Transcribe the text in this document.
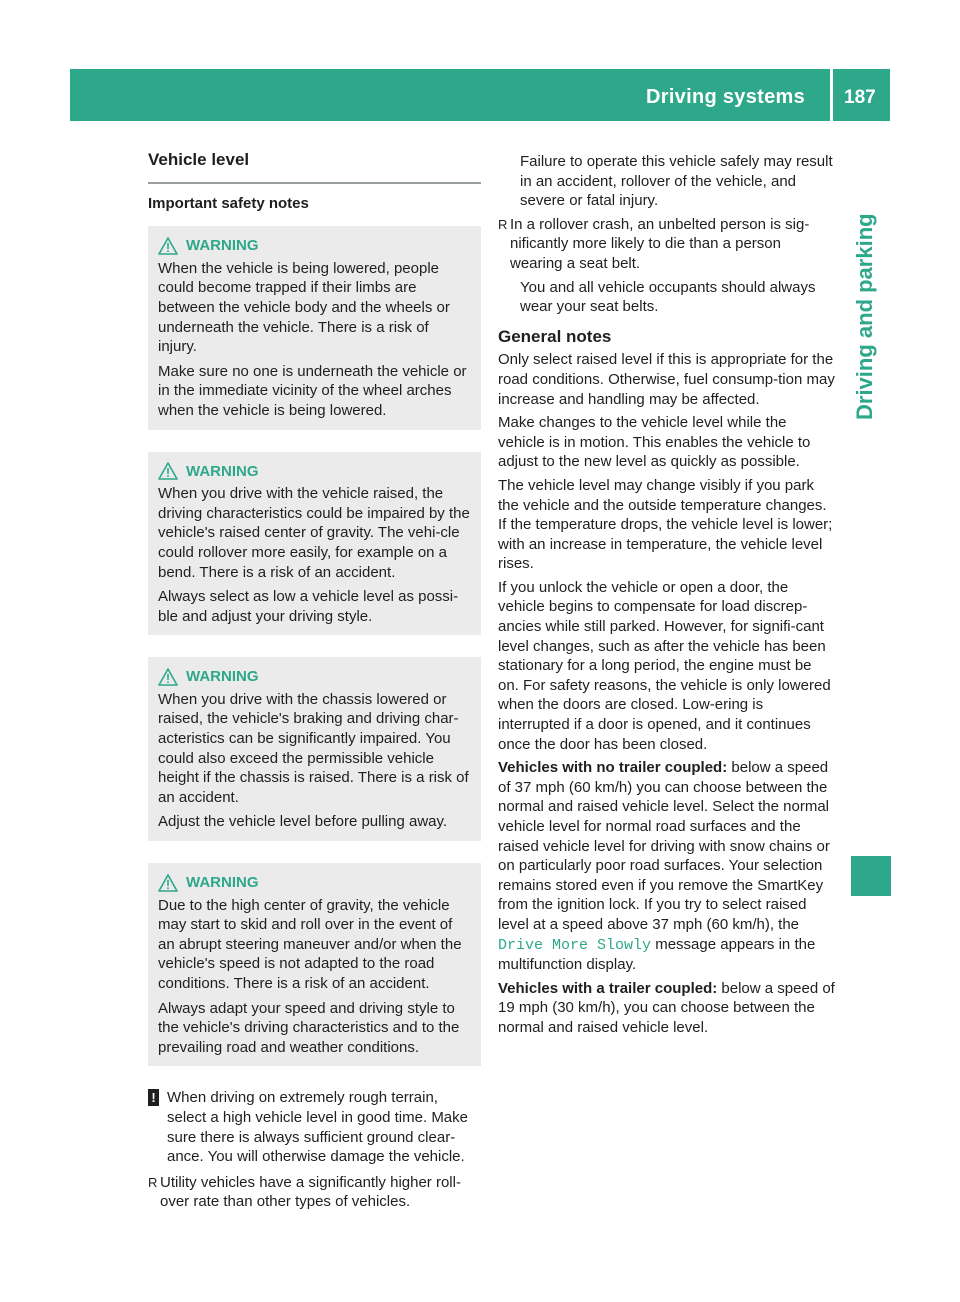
Driving systems 187
Driving and parking
Vehicle level
Important safety notes
WARNING

When the vehicle is being lowered, people could become trapped if their limbs are between the vehicle body and the wheels or underneath the vehicle. There is a risk of injury.

Make sure no one is underneath the vehicle or in the immediate vicinity of the wheel arches when the vehicle is being lowered.

WARNING

When you drive with the vehicle raised, the driving characteristics could be impaired by the vehicle's raised center of gravity. The vehi-cle could rollover more easily, for example on a bend. There is a risk of an accident.

Always select as low a vehicle level as possi-ble and adjust your driving style.

WARNING

When you drive with the chassis lowered or raised, the vehicle's braking and driving char-acteristics can be significantly impaired. You could also exceed the permissible vehicle height if the chassis is raised. There is a risk of an accident.

Adjust the vehicle level before pulling away.

WARNING

Due to the high center of gravity, the vehicle may start to skid and roll over in the event of an abrupt steering maneuver and/or when the vehicle's speed is not adapted to the road conditions. There is a risk of an accident.

Always adapt your speed and driving style to the vehicle's driving characteristics and to the prevailing road and weather conditions.

! When driving on extremely rough terrain, select a high vehicle level in good time. Make sure there is always sufficient ground clear-ance. You will otherwise damage the vehicle.
R Utility vehicles have a significantly higher roll-over rate than other types of vehicles.

Failure to operate this vehicle safely may result in an accident, rollover of the vehicle, and severe or fatal injury.

R In a rollover crash, an unbelted person is sig-nificantly more likely to die than a person wearing a seat belt.

You and all vehicle occupants should always wear your seat belts.

General notes

Only select raised level if this is appropriate for the road conditions. Otherwise, fuel consump-tion may increase and handling may be affected.

Make changes to the vehicle level while the vehicle is in motion. This enables the vehicle to adjust to the new level as quickly as possible.

The vehicle level may change visibly if you park the vehicle and the outside temperature changes. If the temperature drops, the vehicle level is lower; with an increase in temperature, the vehicle level rises.

If you unlock the vehicle or open a door, the vehicle begins to compensate for load discrep-ancies while still parked. However, for signifi-cant level changes, such as after the vehicle has been stationary for a long period, the engine must be on. For safety reasons, the vehicle is only lowered when the doors are closed. Low-ering is interrupted if a door is opened, and it continues once the door has been closed.

Vehicles with no trailer coupled: below a speed of 37 mph (60 km/h) you can choose between the normal and raised vehicle level. Select the normal vehicle level for normal road surfaces and the raised vehicle level for driving with snow chains or on particularly poor road surfaces. Your selection remains stored even if you remove the SmartKey from the ignition lock. If you try to select raised level at a speed above 37 mph (60 km/h), the Drive More Slowly message appears in the multifunction display.

Vehicles with a trailer coupled: below a speed of 19 mph (30 km/h), you can choose between the normal and raised vehicle level.
